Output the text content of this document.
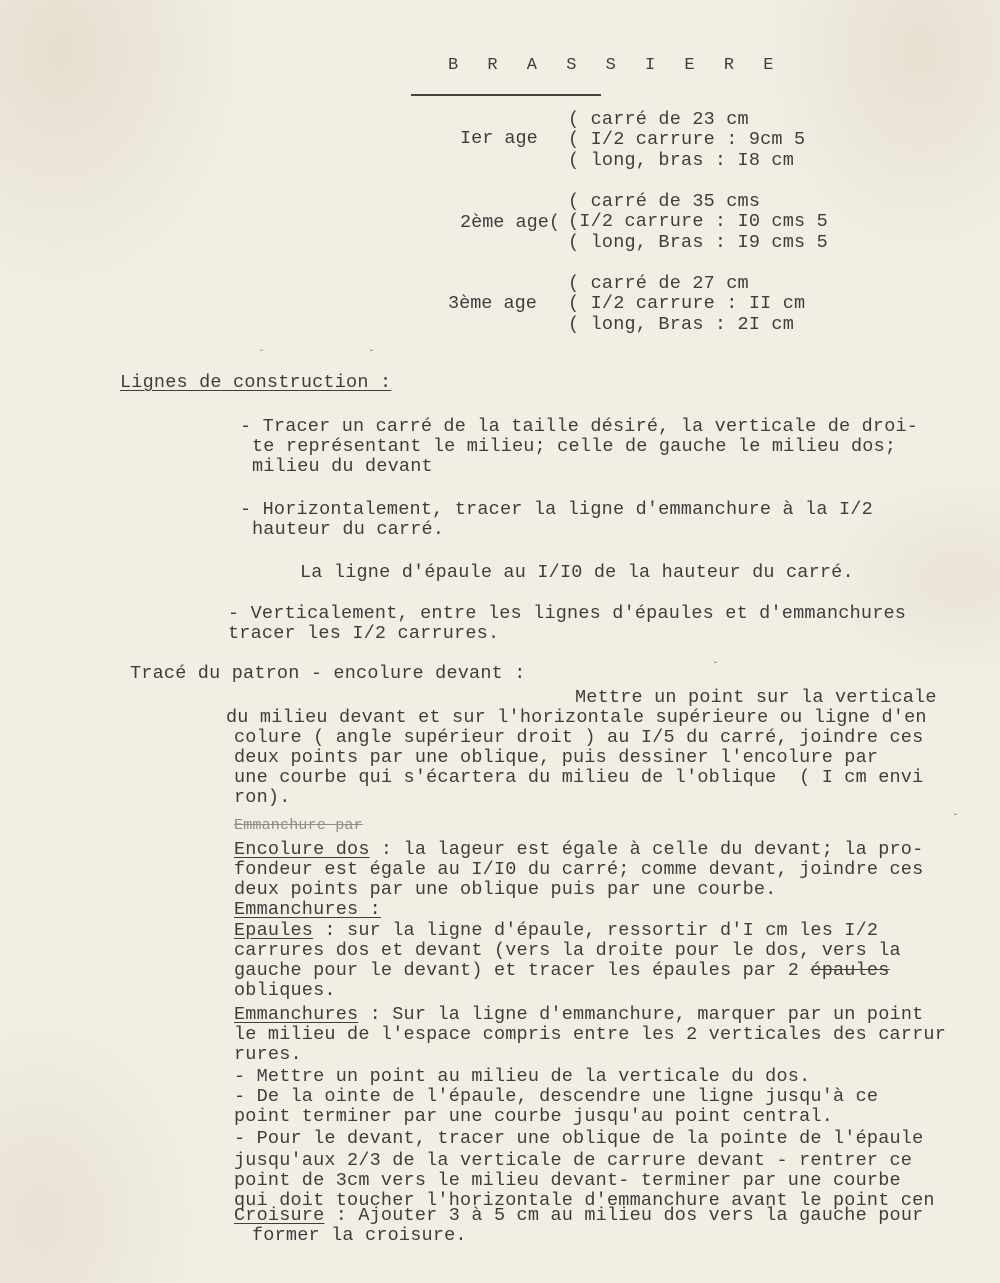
B R A S S I E R E
Ier age
( carré de 23 cm
( I/2 carrure : 9cm 5
( long, bras : I8 cm
2ème age(
( carré de 35 cms
(I/2 carrure : I0 cms 5
( long, Bras : I9 cms 5
3ème age
( carré de 27 cm
( I/2 carrure : II cm
( long, Bras : 2I cm
Lignes de construction :
- Tracer un carré de la taille désiré, la verticale de droi-
te représentant le milieu; celle de gauche le milieu dos;
milieu du devant
- Horizontalement, tracer la ligne d'emmanchure à la I/2
hauteur du carré.
La ligne d'épaule au I/I0 de la hauteur du carré.
- Verticalement, entre les lignes d'épaules et d'emmanchures
tracer les I/2 carrures.
Tracé du patron - encolure devant :
Mettre un point sur la verticale
du milieu devant et sur l'horizontale supérieure ou ligne d'en
colure ( angle supérieur droit ) au I/5 du carré, joindre ces
deux points par une oblique, puis dessiner l'encolure par
une courbe qui s'écartera du milieu de l'oblique  ( I cm envi
ron).
Emmanchure par
Encolure dos : la lageur est égale à celle du devant; la pro-
fondeur est égale au I/I0 du carré; comme devant, joindre ces
deux points par une oblique puis par une courbe.
Emmanchures :
Epaules : sur la ligne d'épaule, ressortir d'I cm les I/2
carrures dos et devant (vers la droite pour le dos, vers la
gauche pour le devant) et tracer les épaules par 2 épaules
obliques.
Emmanchures : Sur la ligne d'emmanchure, marquer par un point
le milieu de l'espace compris entre les 2 verticales des carrur
rures.
- Mettre un point au milieu de la verticale du dos.
- De la ointe de l'épaule, descendre une ligne jusqu'à ce
point terminer par une courbe jusqu'au point central.
- Pour le devant, tracer une oblique de la pointe de l'épaule
jusqu'aux 2/3 de la verticale de carrure devant - rentrer ce
point de 3cm vers le milieu devant- terminer par une courbe
qui doit toucher l'horizontale d'emmanchure avant le point cen
Croisure : Ajouter 3 à 5 cm au milieu dos vers la gauche pour
former la croisure.
ˇ	ˇ
ˇ
ˇ
